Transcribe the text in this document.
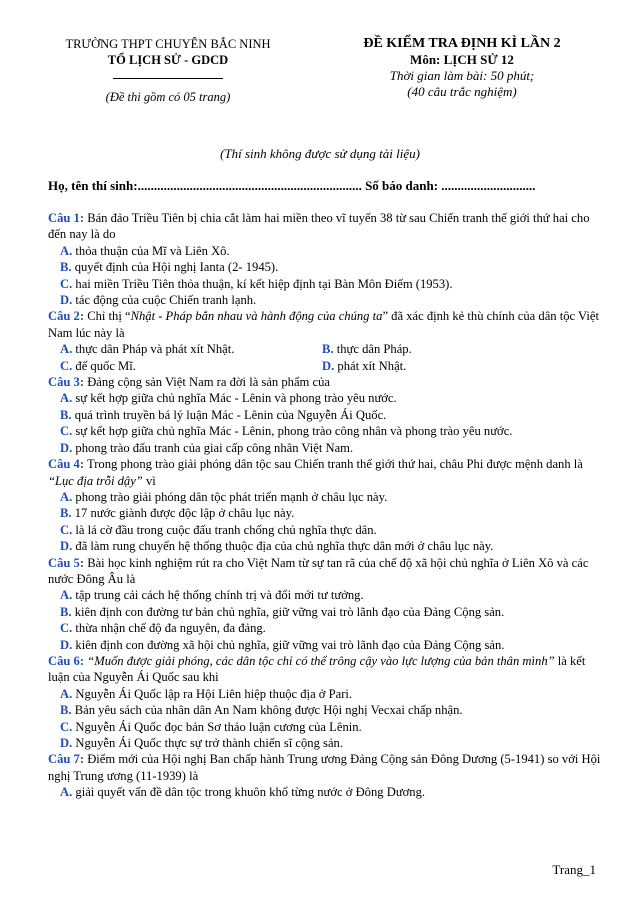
TRƯỜNG THPT CHUYÊN BẮC NINH
TỔ LỊCH SỬ - GDCD
(Đề thi gồm có 05 trang)
ĐỀ KIỂM TRA ĐỊNH KÌ LẦN 2
Môn: LỊCH SỬ 12
Thời gian làm bài: 50 phút;
(40 câu trắc nghiệm)
(Thí sinh không được sử dụng tài liệu)
Họ, tên thí sinh:..................................................................... Số báo danh: .............................
Câu 1: Bán đảo Triều Tiên bị chia cắt làm hai miền theo vĩ tuyến 38 từ sau Chiến tranh thế giới thứ hai cho đến nay là do
A. thỏa thuận của Mĩ và Liên Xô.
B. quyết định của Hội nghị Ianta (2- 1945).
C. hai miền Triều Tiên thỏa thuận, kí kết hiệp định tại Bàn Môn Điếm (1953).
D. tác động của cuộc Chiến tranh lạnh.
Câu 2: Chỉ thị “Nhật - Pháp bắn nhau và hành động của chúng ta” đã xác định kẻ thù chính của dân tộc Việt Nam lúc này là
A. thực dân Pháp và phát xít Nhật.	B. thực dân Pháp.
C. đế quốc Mĩ.	D. phát xít Nhật.
Câu 3: Đảng cộng sản Việt Nam ra đời là sản phẩm của
A. sự kết hợp giữa chủ nghĩa Mác - Lênin và phong trào yêu nước.
B. quá trình truyền bá lý luận Mác - Lênin của Nguyễn Ái Quốc.
C. sự kết hợp giữa chủ nghĩa Mác - Lênin, phong trào công nhân và phong trào yêu nước.
D. phong trào đấu tranh của giai cấp công nhân Việt Nam.
Câu 4: Trong phong trào giải phóng dân tộc sau Chiến tranh thế giới thứ hai, châu Phi được mệnh danh là “Lục địa trỗi dậy” vì
A. phong trào giải phóng dân tộc phát triển mạnh ở châu lục này.
B. 17 nước giành được độc lập ở châu lục này.
C. là lá cờ đầu trong cuộc đấu tranh chống chủ nghĩa thực dân.
D. đã làm rung chuyển hệ thống thuộc địa của chủ nghĩa thực dân mới ở châu lục này.
Câu 5: Bài học kinh nghiệm rút ra cho Việt Nam từ sự tan rã của chế độ xã hội chủ nghĩa ở Liên Xô và các nước Đông Âu là
A. tập trung cải cách hệ thống chính trị và đổi mới tư tưởng.
B. kiên định con đường tư bản chủ nghĩa, giữ vững vai trò lãnh đạo của Đảng Cộng sản.
C. thừa nhận chế độ đa nguyên, đa đảng.
D. kiên định con đường xã hội chủ nghĩa, giữ vững vai trò lãnh đạo của Đảng Cộng sản.
Câu 6: “Muốn được giải phóng, các dân tộc chỉ có thể trông cậy vào lực lượng của bản thân mình” là kết luận của Nguyễn Ái Quốc sau khi
A. Nguyễn Ái Quốc lập ra Hội Liên hiệp thuộc địa ở Pari.
B. Bản yêu sách của nhân dân An Nam không được Hội nghị Vecxai chấp nhận.
C. Nguyễn Ái Quốc đọc bản Sơ thảo luận cương của Lênin.
D. Nguyễn Ái Quốc thực sự trở thành chiến sĩ cộng sản.
Câu 7: Điểm mới của Hội nghị Ban chấp hành Trung ương Đảng Cộng sản Đông Dương (5-1941) so với Hội nghị Trung ương (11-1939) là
A. giải quyết vấn đề dân tộc trong khuôn khổ từng nước ở Đông Dương.
Trang_1
